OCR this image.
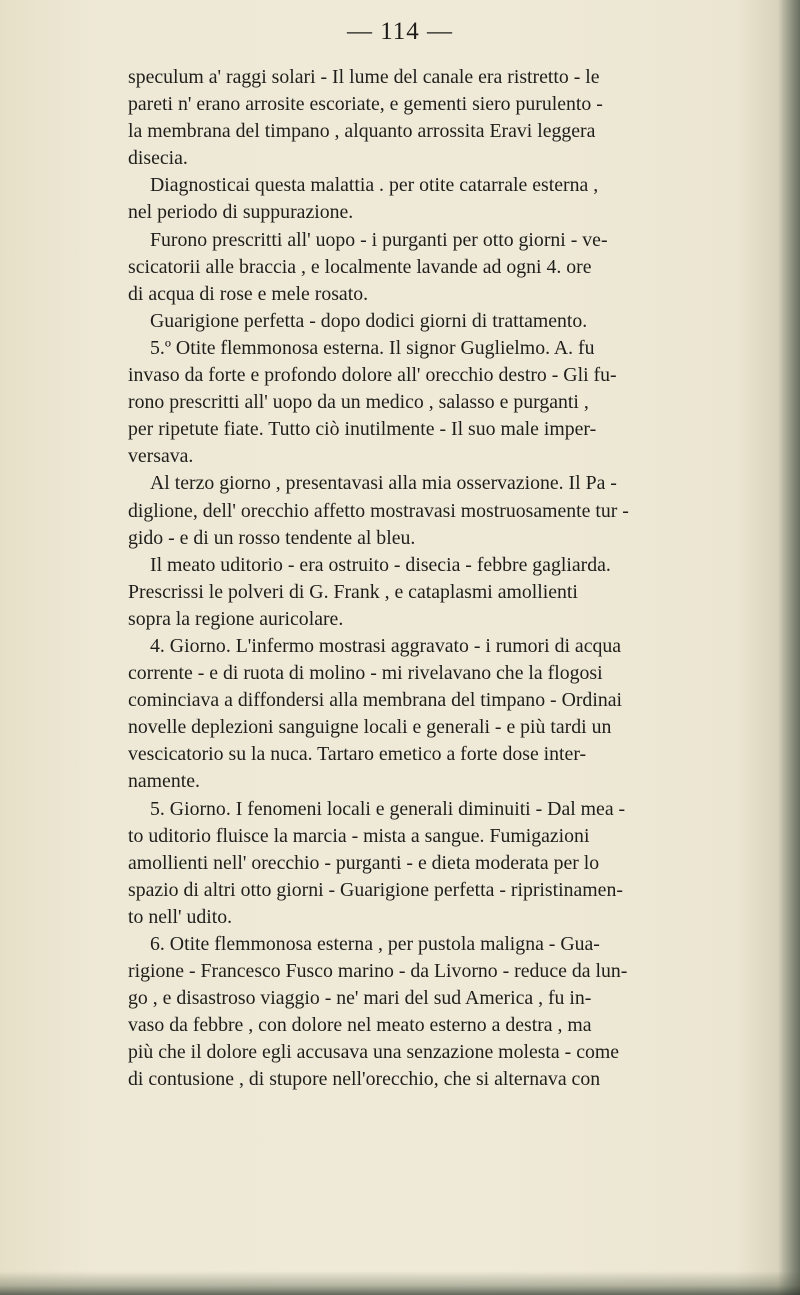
— 114 —
speculum a' raggi solari - Il lume del canale era ristretto - le
pareti n' erano arrosite escoriate, e gementi siero purulento -
la membrana del timpano , alquanto arrossita Eravi leggera
disecia.
Diagnosticai questa malattia . per otite catarrale esterna ,
nel periodo di suppurazione.
Furono prescritti all' uopo - i purganti per otto giorni - ve-
scicatorii alle braccia , e localmente lavande ad ogni 4. ore
di acqua di rose e mele rosato.
Guarigione perfetta - dopo dodici giorni di trattamento.
5.º Otite flemmonosa esterna. Il signor Guglielmo. A. fu
invaso da forte e profondo dolore all' orecchio destro - Gli fu-
rono prescritti all' uopo da un medico , salasso e purganti ,
per ripetute fiate. Tutto ciò inutilmente - Il suo male imper-
versava.
Al terzo giorno , presentavasi alla mia osservazione. Il Pa -
diglione, dell' orecchio affetto mostravasi mostruosamente tur -
gido - e di un rosso tendente al bleu.
Il meato uditorio - era ostruito - disecia - febbre gagliarda.
Prescrissi le polveri di G. Frank , e cataplasmi amollienti
sopra la regione auricolare.
4. Giorno. L'infermo mostrasi aggravato - i rumori di acqua
corrente - e di ruota di molino - mi rivelavano che la flogosi
cominciava a diffondersi alla membrana del timpano - Ordinai
novelle deplezioni sanguigne locali e generali - e più tardi un
vescicatorio su la nuca. Tartaro emetico a forte dose inter-
namente.
5. Giorno. I fenomeni locali e generali diminuiti - Dal mea -
to uditorio fluisce la marcia - mista a sangue. Fumigazioni
amollienti nell' orecchio - purganti - e dieta moderata per lo
spazio di altri otto giorni - Guarigione perfetta - ripristinamen-
to nell' udito.
6. Otite flemmonosa esterna , per pustola maligna - Gua-
rigione - Francesco Fusco marino - da Livorno - reduce da lun-
go , e disastroso viaggio - ne' mari del sud America , fu in-
vaso da febbre , con dolore nel meato esterno a destra , ma
più che il dolore egli accusava una senzazione molesta - come
di contusione , di stupore nell'orecchio, che si alternava con
